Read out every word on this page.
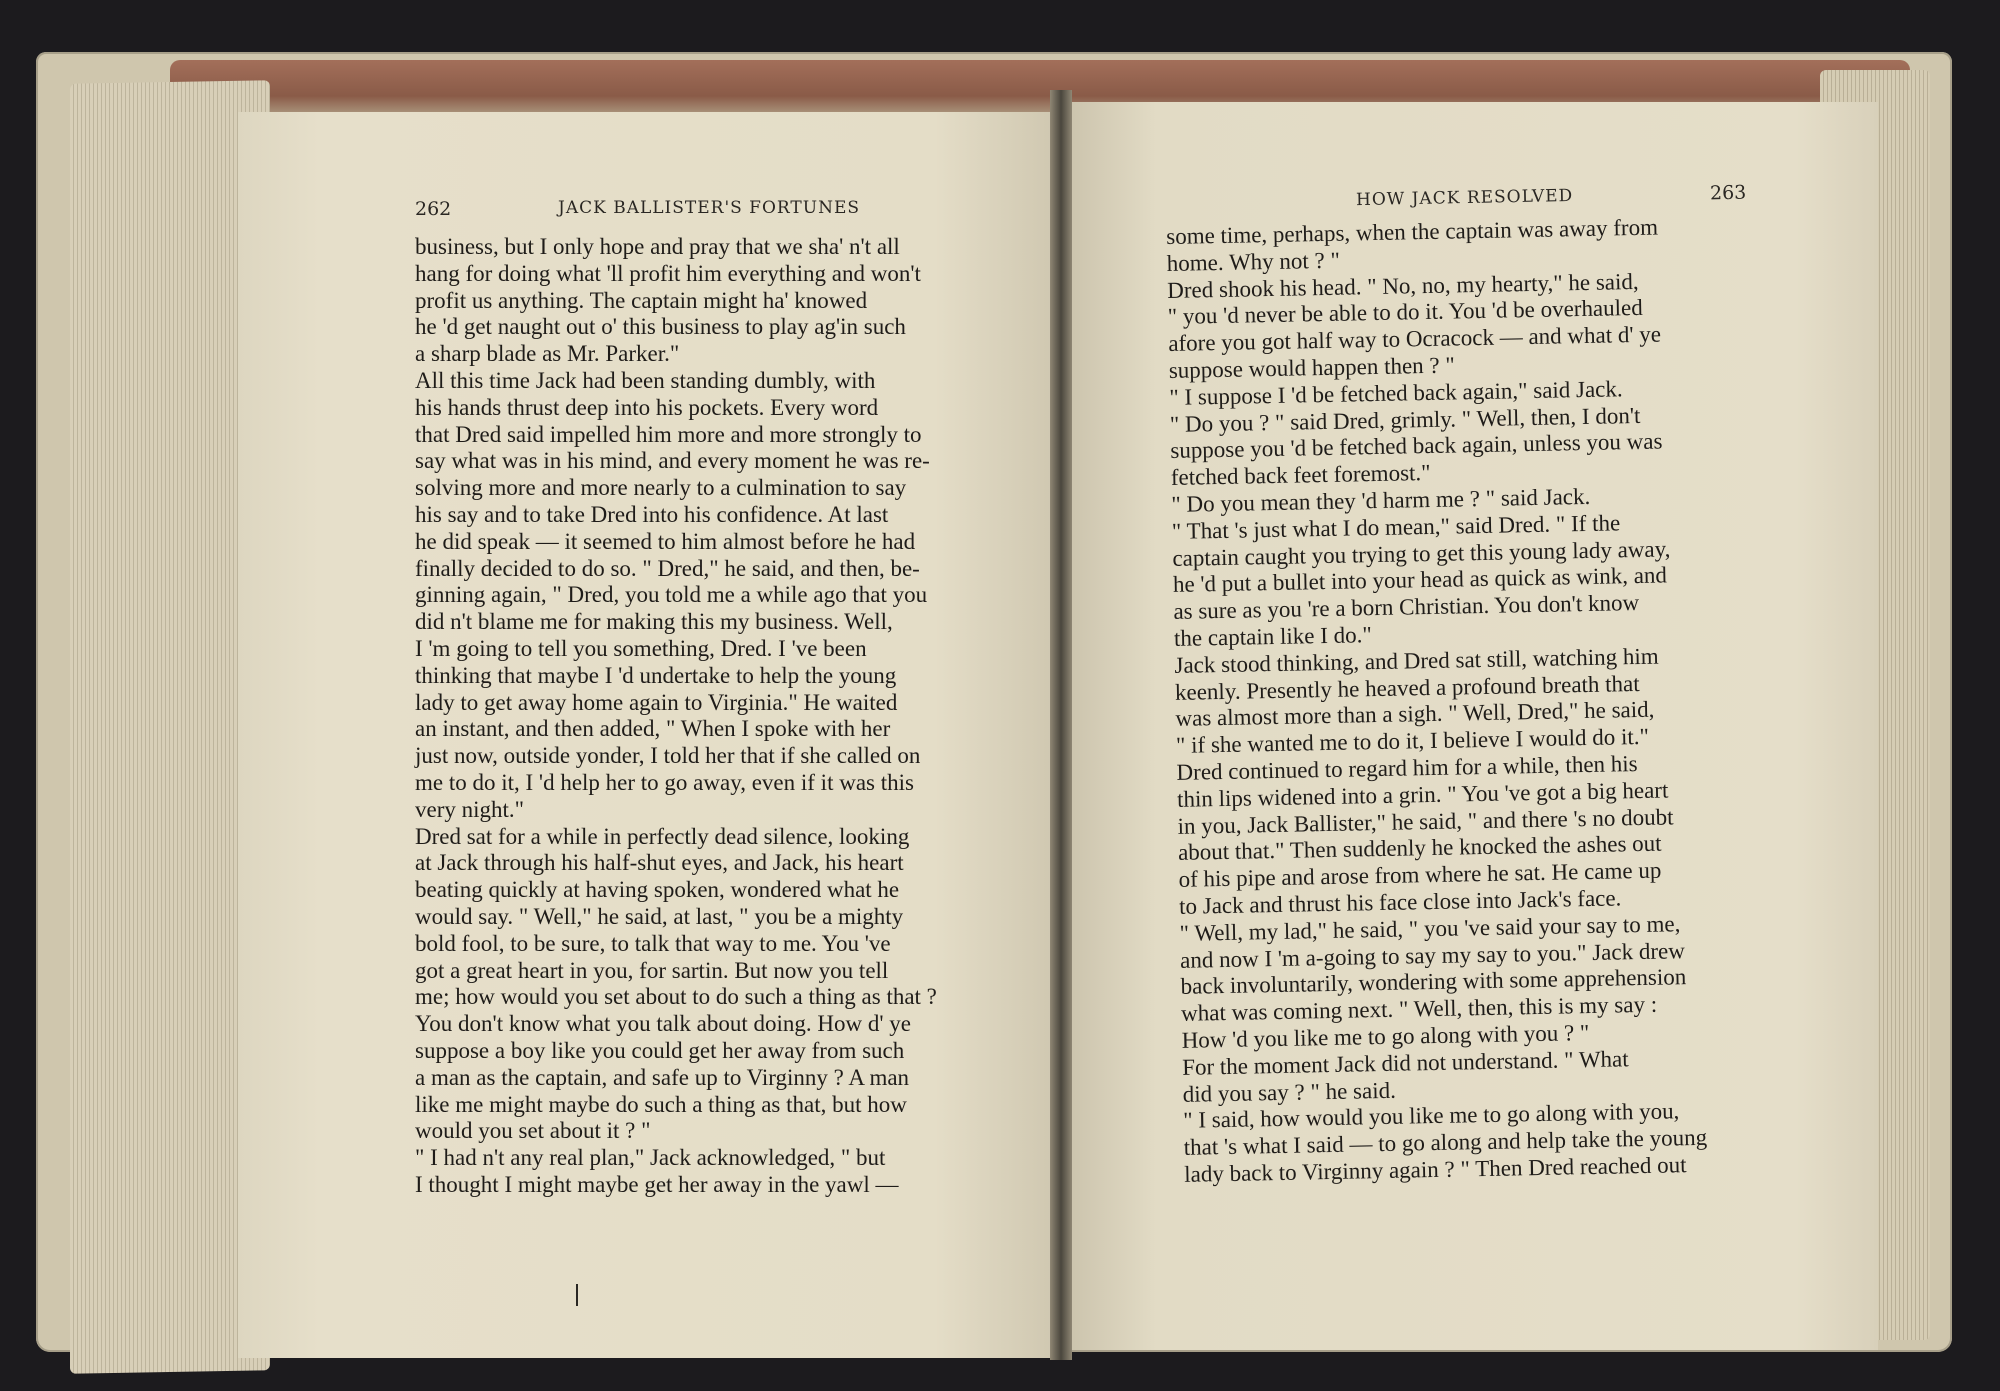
262	JACK BALLISTER'S FORTUNES	HOW JACK RESOLVED	263
business, but I only hope and pray that we sha' n't all
hang for doing what 'll profit him everything and won't
profit us anything. The captain might ha' knowed
he 'd get naught out o' this business to play ag'in such
a sharp blade as Mr. Parker."
All this time Jack had been standing dumbly, with
his hands thrust deep into his pockets. Every word
that Dred said impelled him more and more strongly to
say what was in his mind, and every moment he was re-
solving more and more nearly to a culmination to say
his say and to take Dred into his confidence. At last
he did speak — it seemed to him almost before he had
finally decided to do so. " Dred," he said, and then, be-
ginning again, " Dred, you told me a while ago that you
did n't blame me for making this my business. Well,
I 'm going to tell you something, Dred. I 've been
thinking that maybe I 'd undertake to help the young
lady to get away home again to Virginia." He waited
an instant, and then added, " When I spoke with her
just now, outside yonder, I told her that if she called on
me to do it, I 'd help her to go away, even if it was this
very night."
Dred sat for a while in perfectly dead silence, looking
at Jack through his half-shut eyes, and Jack, his heart
beating quickly at having spoken, wondered what he
would say. " Well," he said, at last, " you be a mighty
bold fool, to be sure, to talk that way to me. You 've
got a great heart in you, for sartin. But now you tell
me; how would you set about to do such a thing as that ?
You don't know what you talk about doing. How d' ye
suppose a boy like you could get her away from such
a man as the captain, and safe up to Virginny ? A man
like me might maybe do such a thing as that, but how
would you set about it ? "
" I had n't any real plan," Jack acknowledged, " but
I thought I might maybe get her away in the yawl —
some time, perhaps, when the captain was away from
home. Why not ? "
Dred shook his head. " No, no, my hearty," he said,
" you 'd never be able to do it. You 'd be overhauled
afore you got half way to Ocracock — and what d' ye
suppose would happen then ? "
" I suppose I 'd be fetched back again," said Jack.
" Do you ? " said Dred, grimly. " Well, then, I don't
suppose you 'd be fetched back again, unless you was
fetched back feet foremost."
" Do you mean they 'd harm me ? " said Jack.
" That 's just what I do mean," said Dred. " If the
captain caught you trying to get this young lady away,
he 'd put a bullet into your head as quick as wink, and
as sure as you 're a born Christian. You don't know
the captain like I do."
Jack stood thinking, and Dred sat still, watching him
keenly. Presently he heaved a profound breath that
was almost more than a sigh. " Well, Dred," he said,
" if she wanted me to do it, I believe I would do it."
Dred continued to regard him for a while, then his
thin lips widened into a grin. " You 've got a big heart
in you, Jack Ballister," he said, " and there 's no doubt
about that." Then suddenly he knocked the ashes out
of his pipe and arose from where he sat. He came up
to Jack and thrust his face close into Jack's face.
" Well, my lad," he said, " you 've said your say to me,
and now I 'm a-going to say my say to you." Jack drew
back involuntarily, wondering with some apprehension
what was coming next. " Well, then, this is my say :
How 'd you like me to go along with you ? "
For the moment Jack did not understand. " What
did you say ? " he said.
" I said, how would you like me to go along with you,
that 's what I said — to go along and help take the young
lady back to Virginny again ? " Then Dred reached out
